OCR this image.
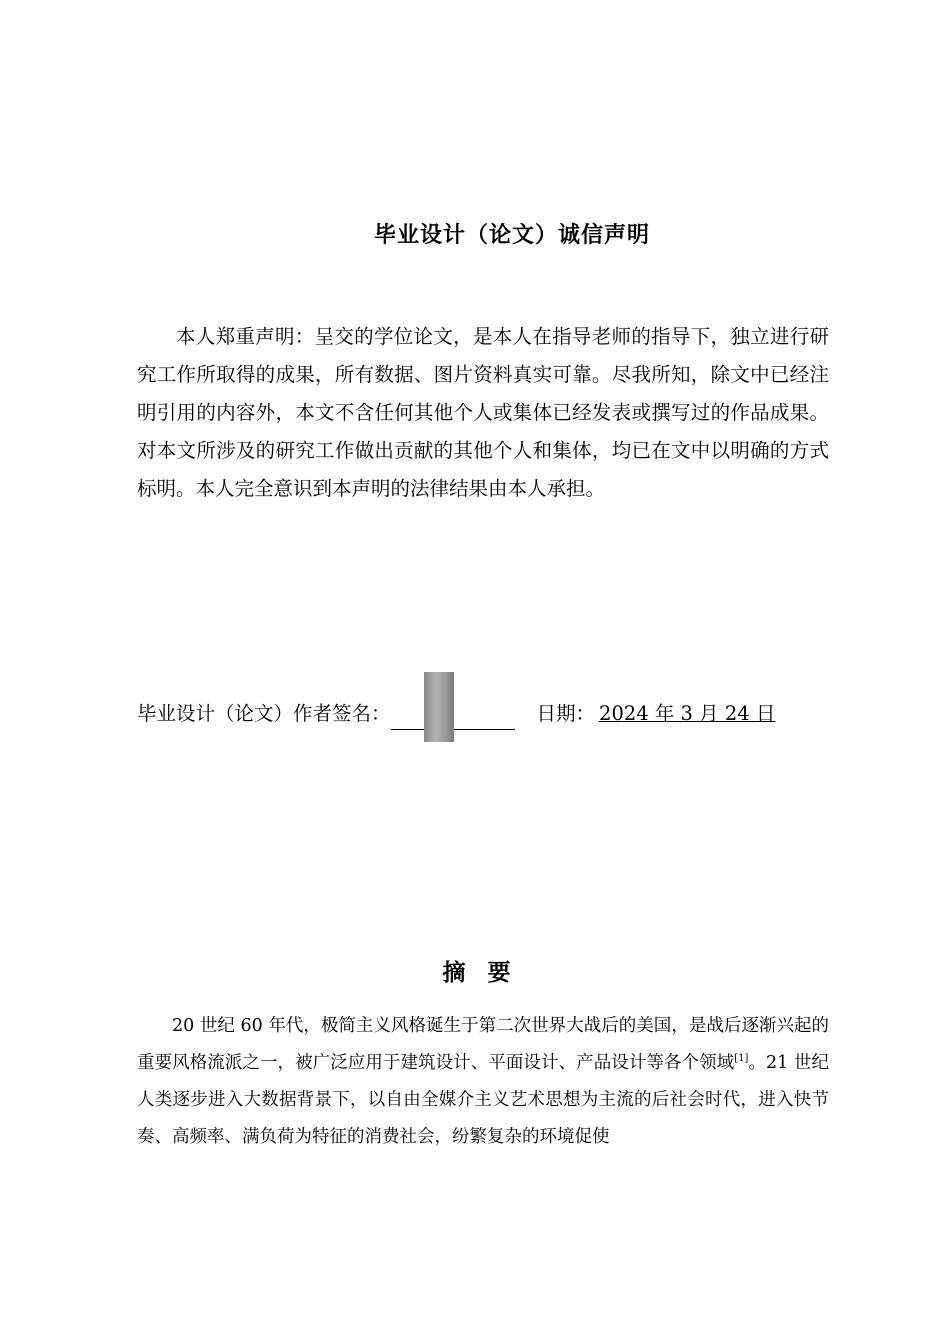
毕业设计（论文）诚信声明

本人郑重声明：呈交的学位论文，是本人在指导老师的指导下，独立进行研究工作所取得的成果，所有数据、图片资料真实可靠。尽我所知，除文中已经注明引用的内容外，本文不含任何其他个人或集体已经发表或撰写过的作品成果。对本文所涉及的研究工作做出贡献的其他个人和集体，均已在文中以明确的方式标明。本人完全意识到本声明的法律结果由本人承担。

毕业设计（论文）作者签名：	日期： 2024 年 3 月 24 日
摘要

20 世纪 60 年代，极简主义风格诞生于第二次世界大战后的美国，是战后逐渐兴起的重要风格流派之一，被广泛应用于建筑设计、平面设计、产品设计等各个领域[1]。21 世纪人类逐步进入大数据背景下，以自由全媒介主义艺术思想为主流的后社会时代，进入快节奏、高频率、满负荷为特征的消费社会，纷繁复杂的环境促使
